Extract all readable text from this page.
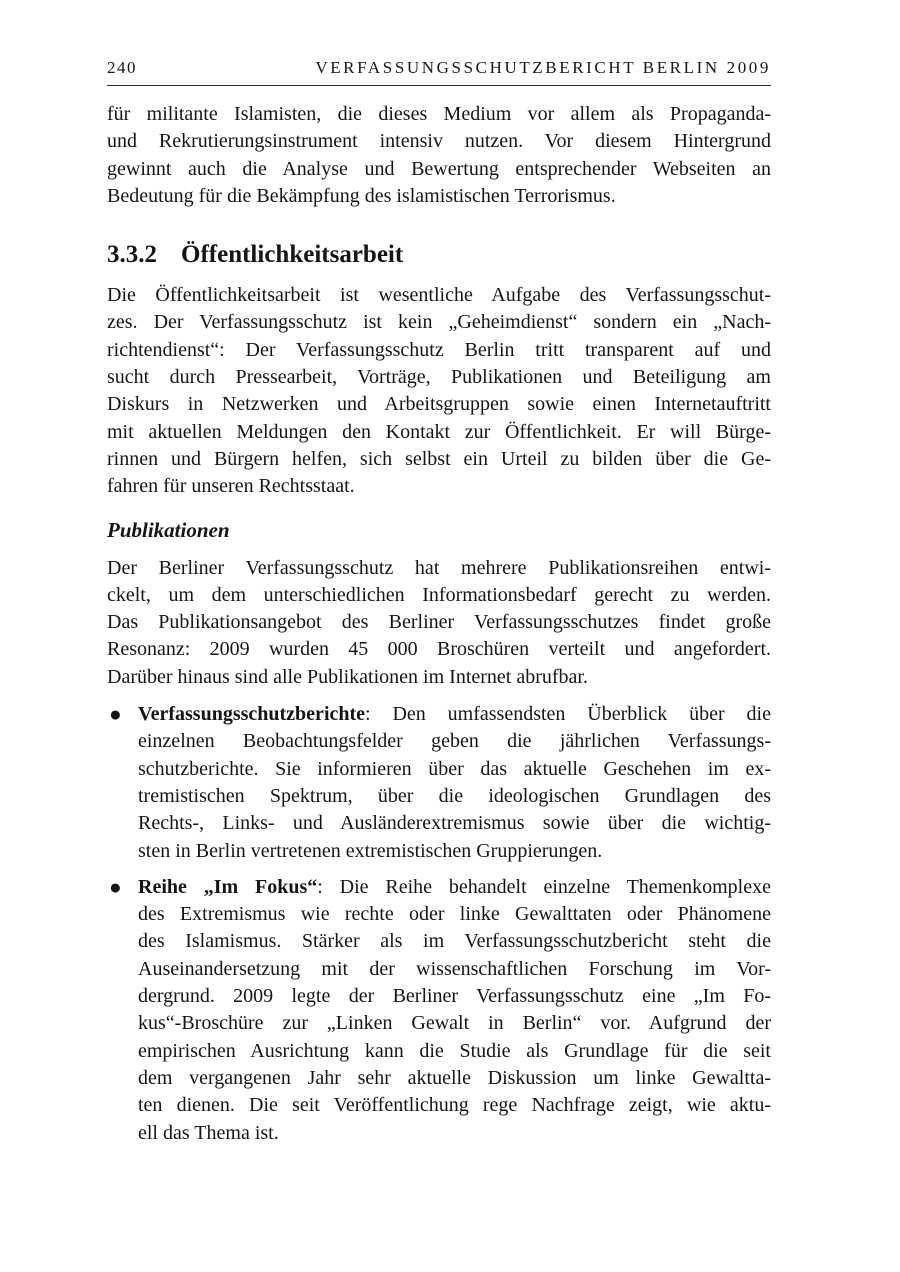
240	VERFASSUNGSSCHUTZBERICHT BERLIN 2009

für militante Islamisten, die dieses Medium vor allem als Propaganda-
und Rekrutierungsinstrument intensiv nutzen. Vor diesem Hintergrund
gewinnt auch die Analyse und Bewertung entsprechender Webseiten an
Bedeutung für die Bekämpfung des islamistischen Terrorismus.

3.3.2 Öffentlichkeitsarbeit

Die Öffentlichkeitsarbeit ist wesentliche Aufgabe des Verfassungsschut-
zes. Der Verfassungsschutz ist kein „Geheimdienst“ sondern ein „Nach-
richtendienst“: Der Verfassungsschutz Berlin tritt transparent auf und
sucht durch Pressearbeit, Vorträge, Publikationen und Beteiligung am
Diskurs in Netzwerken und Arbeitsgruppen sowie einen Internetauftritt
mit aktuellen Meldungen den Kontakt zur Öffentlichkeit. Er will Bürge-
rinnen und Bürgern helfen, sich selbst ein Urteil zu bilden über die Ge-
fahren für unseren Rechtsstaat.

Publikationen

Der Berliner Verfassungsschutz hat mehrere Publikationsreihen entwi-
ckelt, um dem unterschiedlichen Informationsbedarf gerecht zu werden.
Das Publikationsangebot des Berliner Verfassungsschutzes findet große
Resonanz: 2009 wurden 45 000 Broschüren verteilt und angefordert.
Darüber hinaus sind alle Publikationen im Internet abrufbar.

● Verfassungsschutzberichte: Den umfassendsten Überblick über die
einzelnen Beobachtungsfelder geben die jährlichen Verfassungs-
schutzberichte. Sie informieren über das aktuelle Geschehen im ex-
tremistischen Spektrum, über die ideologischen Grundlagen des
Rechts-, Links- und Ausländerextremismus sowie über die wichtig-
sten in Berlin vertretenen extremistischen Gruppierungen.
● Reihe „Im Fokus“: Die Reihe behandelt einzelne Themenkomplexe
des Extremismus wie rechte oder linke Gewalttaten oder Phänomene
des Islamismus. Stärker als im Verfassungsschutzbericht steht die
Auseinandersetzung mit der wissenschaftlichen Forschung im Vor-
dergrund. 2009 legte der Berliner Verfassungsschutz eine „Im Fo-
kus“-Broschüre zur „Linken Gewalt in Berlin“ vor. Aufgrund der
empirischen Ausrichtung kann die Studie als Grundlage für die seit
dem vergangenen Jahr sehr aktuelle Diskussion um linke Gewaltta-
ten dienen. Die seit Veröffentlichung rege Nachfrage zeigt, wie aktu-
ell das Thema ist.
